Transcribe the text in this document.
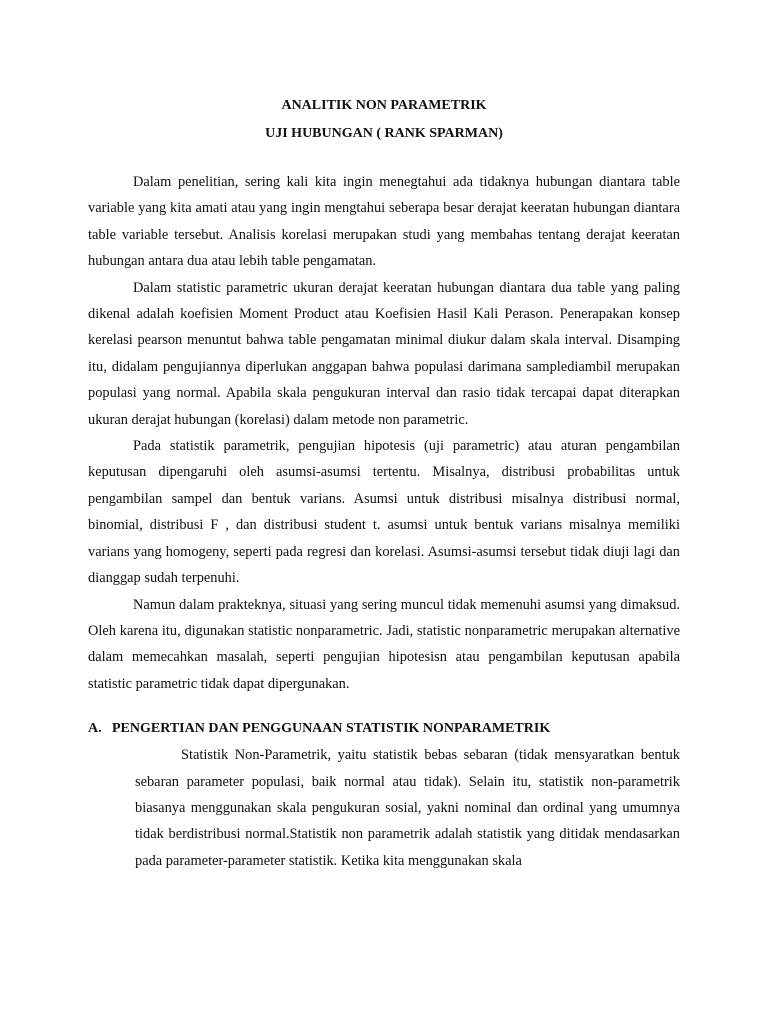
ANALITIK NON PARAMETRIK

UJI HUBUNGAN ( RANK SPARMAN)

Dalam penelitian, sering kali kita ingin menegtahui ada tidaknya hubungan diantara table variable yang kita amati atau yang ingin mengtahui seberapa besar derajat keeratan hubungan diantara table variable tersebut. Analisis korelasi merupakan studi yang membahas tentang derajat keeratan hubungan antara dua atau lebih table pengamatan.

Dalam statistic parametric ukuran derajat keeratan hubungan diantara dua table yang paling dikenal adalah koefisien Moment Product atau Koefisien Hasil Kali Perason. Penerapakan konsep kerelasi pearson menuntut bahwa table pengamatan minimal diukur dalam skala interval. Disamping itu, didalam pengujiannya diperlukan anggapan bahwa populasi darimana samplediambil merupakan populasi yang normal. Apabila skala pengukuran interval dan rasio tidak tercapai dapat diterapkan ukuran derajat hubungan (korelasi) dalam metode non parametric.

Pada statistik parametrik, pengujian hipotesis (uji parametric) atau aturan pengambilan keputusan dipengaruhi oleh asumsi-asumsi tertentu. Misalnya, distribusi probabilitas untuk pengambilan sampel dan bentuk varians. Asumsi untuk distribusi misalnya distribusi normal, binomial, distribusi F , dan distribusi student t. asumsi untuk bentuk varians misalnya memiliki varians yang homogeny, seperti pada regresi dan korelasi. Asumsi-asumsi tersebut tidak diuji lagi dan dianggap sudah terpenuhi.

Namun dalam prakteknya, situasi yang sering muncul tidak memenuhi asumsi yang dimaksud. Oleh karena itu, digunakan statistic nonparametric. Jadi, statistic nonparametric merupakan alternative dalam memecahkan masalah, seperti pengujian hipotesisn atau pengambilan keputusan apabila statistic parametric tidak dapat dipergunakan.

A. PENGERTIAN DAN PENGGUNAAN STATISTIK NONPARAMETRIK

Statistik Non-Parametrik, yaitu statistik bebas sebaran (tidak mensyaratkan bentuk sebaran parameter populasi, baik normal atau tidak). Selain itu, statistik non-parametrik biasanya menggunakan skala pengukuran sosial, yakni nominal dan ordinal yang umumnya tidak berdistribusi normal.Statistik non parametrik adalah statistik yang ditidak mendasarkan pada parameter-parameter statistik. Ketika kita menggunakan skala
